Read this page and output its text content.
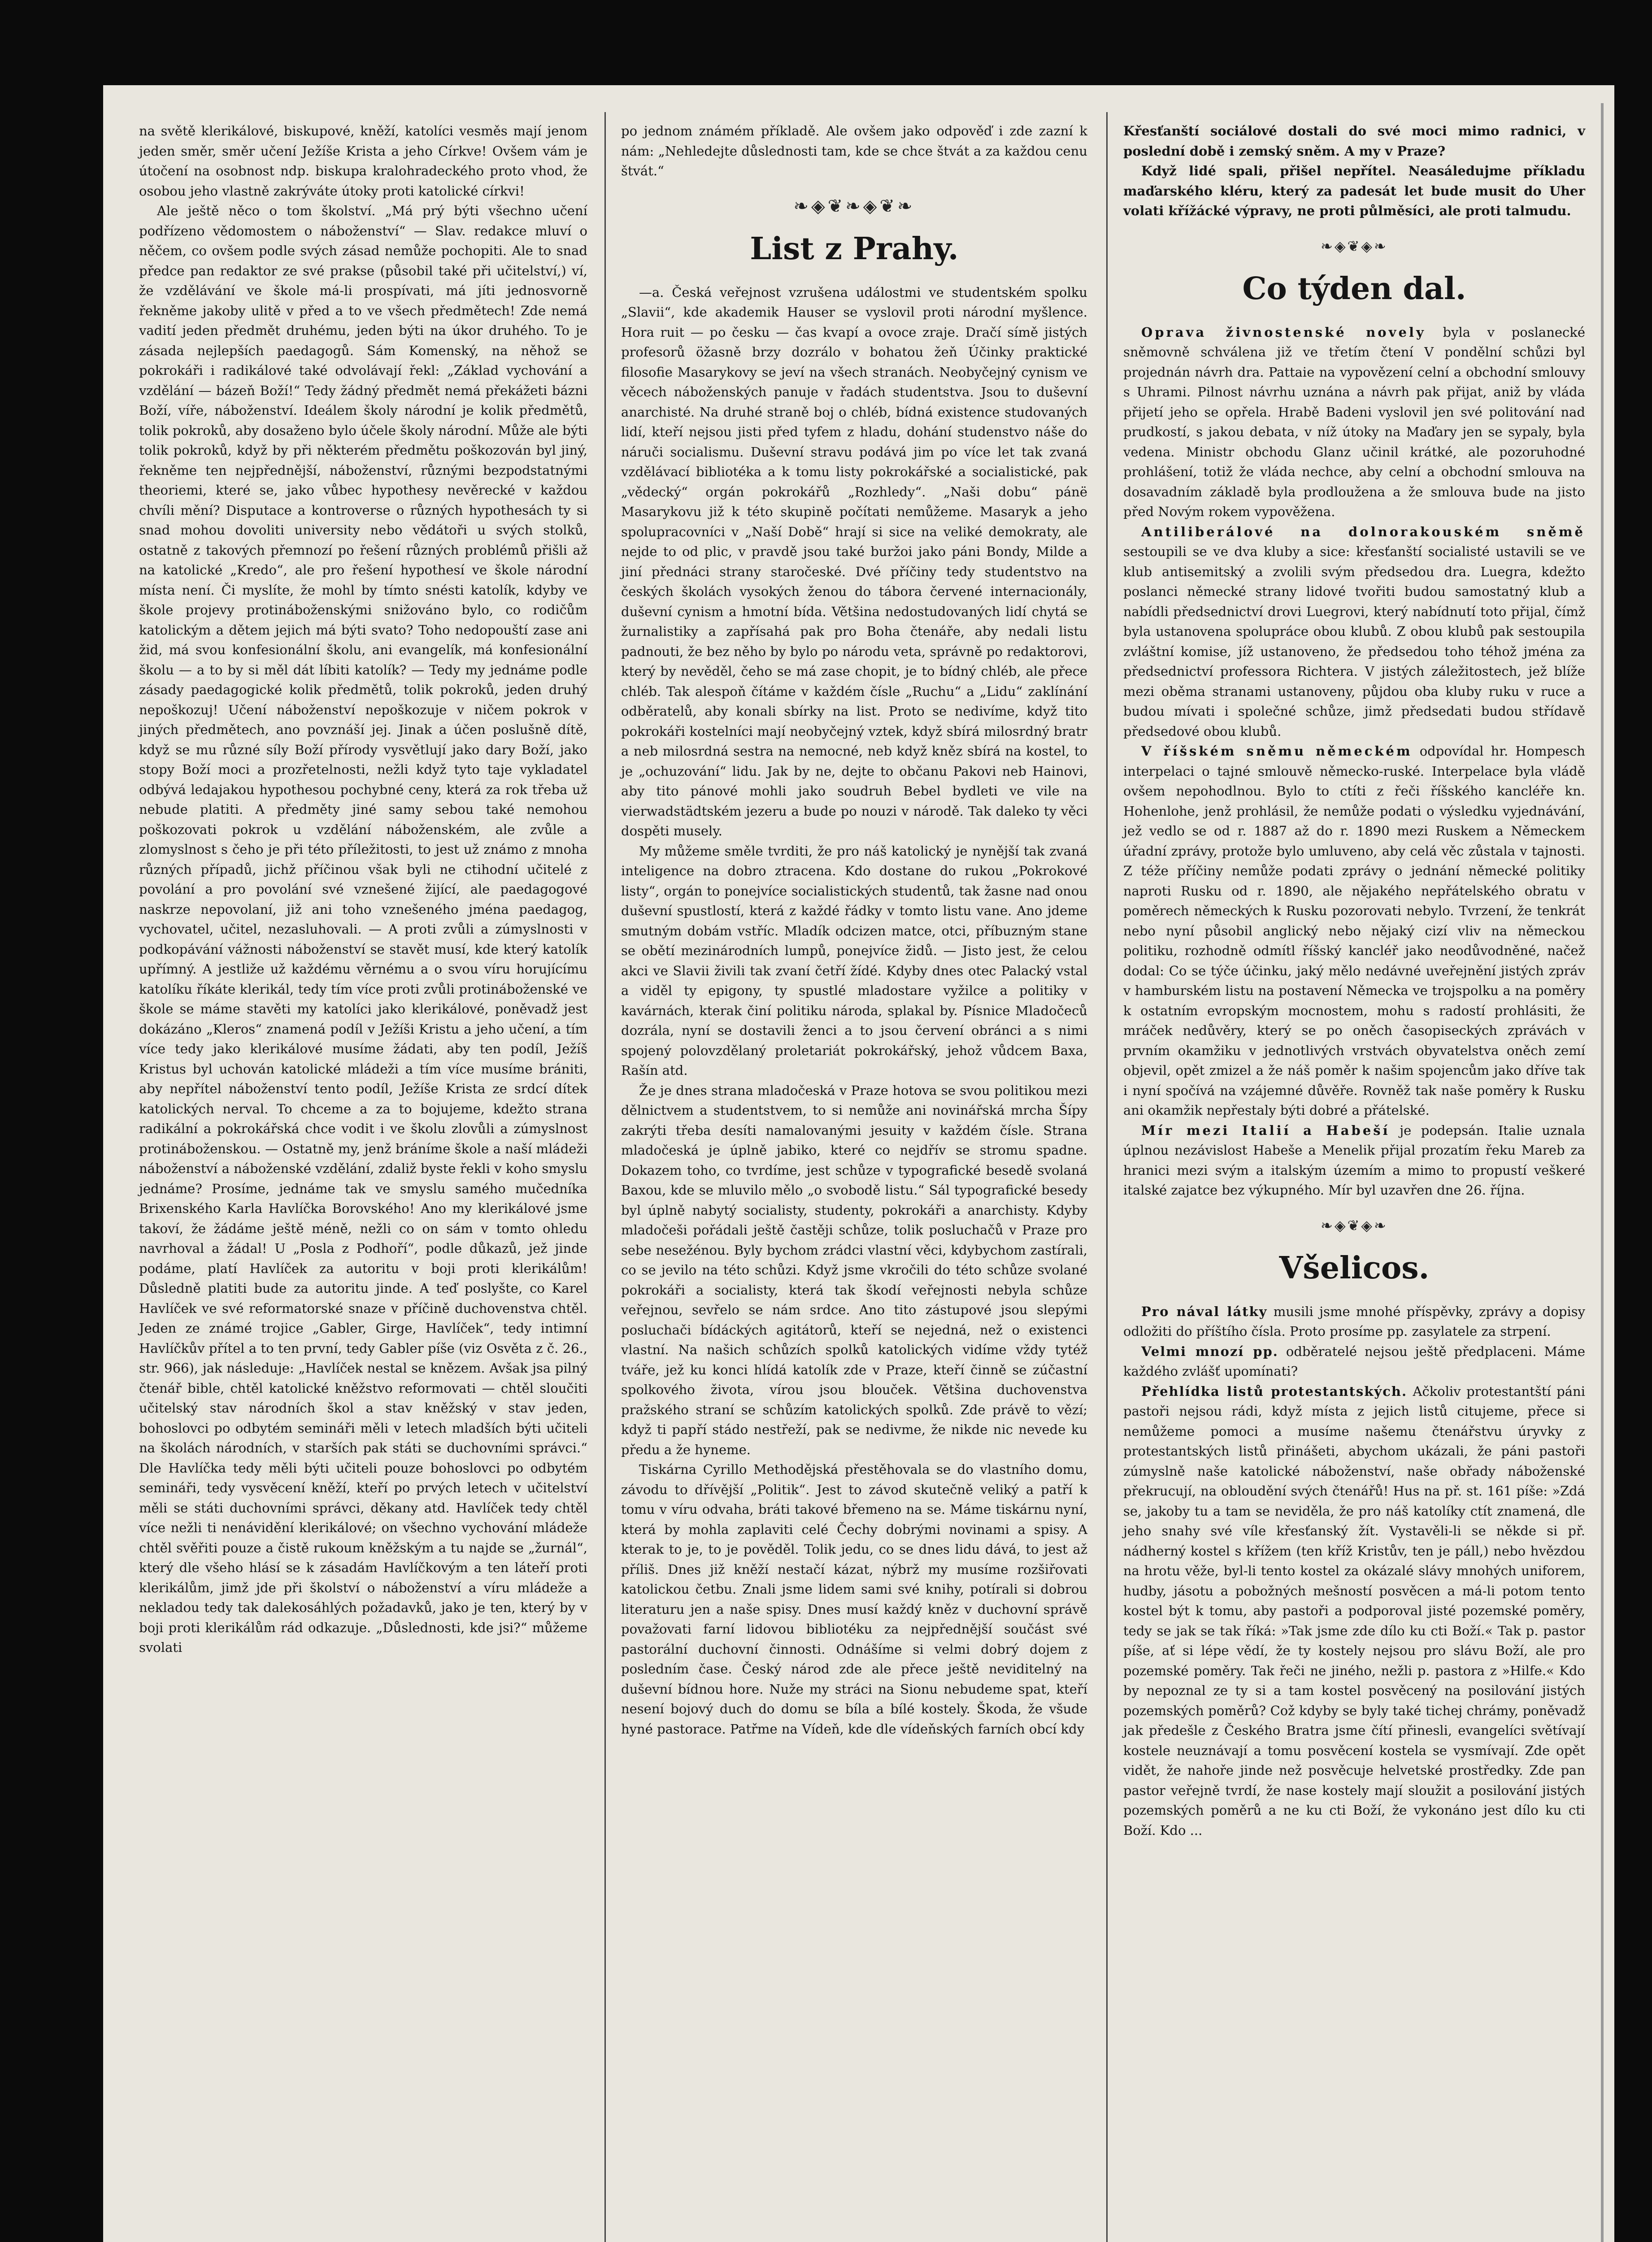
na světě klerikálové, biskupové, kněží, katolíci vesměs mají jenom jeden směr, směr učení Ježíše Krista a jeho Církve! Ovšem vám je útočení na osobnost ndp. biskupa kralohradeckého proto vhod, že osobou jeho vlastně zakrýváte útoky proti katolické církvi!

Ale ještě něco o tom školství. „Má prý býti všechno učení podřízeno vědomostem o náboženství“ — Slav. redakce mluví o něčem, co ovšem podle svých zásad nemůže pochopiti. Ale to snad předce pan redaktor ze své prakse (působil také při učitelství,) ví, že vzdělávání ve škole má-li prospívati, má jíti jednosvorně řekněme jakoby ulitě v před a to ve všech předmětech! Zde nemá vadití jeden předmět druhému, jeden býti na úkor druhého. To je zásada nejlepších paedagogů. Sám Komenský, na něhož se pokrokáři i radikálové také odvolávají řekl: „Základ vychování a vzdělání — bázeň Boží!“ Tedy žádný předmět nemá překážeti bázni Boží, víře, náboženství. Ideálem školy národní je kolik předmětů, tolik pokroků, aby dosaženo bylo účele školy národní. Může ale býti tolik pokroků, když by při některém předmětu poškozován byl jiný, řekněme ten nejpřednější, náboženství, různými bezpodstatnými theoriemi, které se, jako vůbec hypothesy nevěrecké v každou chvíli mění? Disputace a kontroverse o různých hypothesách ty si snad mohou dovoliti university nebo vědátoři u svých stolků, ostatně z takových přemnozí po řešení různých problémů přišli až na katolické „Kredo“, ale pro řešení hypothesí ve škole národní místa není. Či myslíte, že mohl by tímto snésti katolík, kdyby ve škole projevy protináboženskými snižováno bylo, co rodičům katolickým a dětem jejich má býti svato? Toho nedopouští zase ani žid, má svou konfesionální školu, ani evangelík, má konfesionální školu — a to by si měl dát líbiti katolík? — Tedy my jednáme podle zásady paedagogické kolik předmětů, tolik pokroků, jeden druhý nepoškozuj! Učení náboženství nepoškozuje v ničem pokrok v jiných předmětech, ano povznáší jej. Jinak a účen poslušně dítě, když se mu různé síly Boží přírody vysvětlují jako dary Boží, jako stopy Boží moci a prozřetelnosti, nežli když tyto taje vykladatel odbývá ledajakou hypothesou pochybné ceny, která za rok třeba už nebude platiti. A předměty jiné samy sebou také nemohou poškozovati pokrok u vzdělání náboženském, ale zvůle a zlomyslnost s čeho je při této příležitosti, to jest už známo z mnoha různých případů, jichž příčinou však byli ne ctihodní učitelé z povolání a pro povolání své vznešené žijící, ale paedagogové naskrze nepovolaní, již ani toho vznešeného jména paedagog, vychovatel, učitel, nezasluhovali. — A proti zvůli a zúmyslnosti v podkopávání vážnosti náboženství se stavět musí, kde který katolík upřímný. A jestliže už každému věrnému a o svou víru horujícímu katolíku říkáte klerikál, tedy tím více proti zvůli protináboženské ve škole se máme stavěti my katolíci jako klerikálové, poněvadž jest dokázáno „Kleros“ znamená podíl v Ježíši Kristu a jeho učení, a tím více tedy jako klerikálové musíme žádati, aby ten podíl, Ježíš Kristus byl uchován katolické mládeži a tím více musíme brániti, aby nepřítel náboženství tento podíl, Ježíše Krista ze srdcí dítek katolických nerval. To chceme a za to bojujeme, kdežto strana radikální a pokrokářská chce vodit i ve školu zlovůli a zúmyslnost protináboženskou. — Ostatně my, jenž bráníme škole a naší mládeži náboženství a náboženské vzdělání, zdaliž byste řekli v koho smyslu jednáme? Prosíme, jednáme tak ve smyslu samého mučedníka Brixenského Karla Havlíčka Borovského! Ano my klerikálové jsme takoví, že žádáme ještě méně, nežli co on sám v tomto ohledu navrhoval a žádal! U „Posla z Podhoří“, podle důkazů, jež jinde podáme, platí Havlíček za autoritu v boji proti klerikálům! Důsledně platiti bude za autoritu jinde. A teď poslyšte, co Karel Havlíček ve své reformatorské snaze v příčině duchovenstva chtěl. Jeden ze známé trojice „Gabler, Girge, Havlíček“, tedy intimní Havlíčkův přítel a to ten první, tedy Gabler píše (viz Osvěta z č. 26., str. 966), jak následuje: „Havlíček nestal se knězem. Avšak jsa pilný čtenář bible, chtěl katolické kněžstvo reformovati — chtěl sloučiti učitelský stav národních škol a stav kněžský v stav jeden, bohoslovci po odbytém semináři měli v letech mladších býti učiteli na školách národních, v starších pak státi se duchovními správci.“ Dle Havlíčka tedy měli býti učiteli pouze bohoslovci po odbytém semináři, tedy vysvěcení kněží, kteří po prvých letech v učitelství měli se státi duchovními správci, děkany atd. Havlíček tedy chtěl více nežli ti nenávidění klerikálové; on všechno vychování mládeže chtěl svěřiti pouze a čistě rukoum kněžským a tu najde se „žurnál“, který dle všeho hlásí se k zásadám Havlíčkovým a ten láteří proti klerikálům, jimž jde při školství o náboženství a víru mládeže a nekladou tedy tak dalekosáhlých požadavků, jako je ten, který by v boji proti klerikálům rád odkazuje. „Důslednosti, kde jsi?“ můžeme svolati

po jednom známém příkladě. Ale ovšem jako odpověď i zde zazní k nám: „Nehledejte důslednosti tam, kde se chce štvát a za každou cenu štvát.“

❧◈❦❧◈❦❧
List z Prahy.

—a. Česká veřejnost vzrušena událostmi ve studentském spolku „Slavii“, kde akademik Hauser se vyslovil proti národní myšlence. Hora ruit — po česku — čas kvapí a ovoce zraje. Dračí símě jistých profesorů öžasně brzy dozrálo v bohatou žeň Účinky praktické filosofie Masarykovy se jeví na všech stranách. Neobyčejný cynism ve věcech náboženských panuje v řadách studentstva. Jsou to duševní anarchisté. Na druhé straně boj o chléb, bídná existence studovaných lidí, kteří nejsou jisti před tyfem z hladu, dohání studenstvo náše do náruči socialismu. Duševní stravu podává jim po více let tak zvaná vzdělávací bibliotéka a k tomu listy pokrokářské a socialistické, pak „vědecký“ orgán pokrokářů „Rozhledy“. „Naši dobu“ pánë Masarykovu již k této skupině počítati nemůžeme. Masaryk a jeho spolupracovníci v „Naší Době“ hrají si sice na veliké demokraty, ale nejde to od plic, v pravdě jsou také buržoi jako páni Bondy, Milde a jiní přednáci strany staročeské. Dvé příčiny tedy studentstvo na českých školách vysokých ženou do tábora červené internacionály, duševní cynism a hmotní bída. Většina nedostudovaných lidí chytá se žurnalistiky a zapřísahá pak pro Boha čtenáře, aby nedali listu padnouti, že bez něho by bylo po národu veta, správně po redaktorovi, který by nevěděl, čeho se má zase chopit, je to bídný chléb, ale přece chléb. Tak alespoň čítáme v každém čísle „Ruchu“ a „Lidu“ zaklínání odběratelů, aby konali sbírky na list. Proto se nedivíme, když tito pokrokáři kostelníci mají neobyčejný vztek, když sbírá milosrdný bratr a neb milosrdná sestra na nemocné, neb když kněz sbírá na kostel, to je „ochuzování“ lidu. Jak by ne, dejte to občanu Pakovi neb Hainovi, aby tito pánové mohli jako soudruh Bebel bydleti ve vile na vierwadstädtském jezeru a bude po nouzi v národě. Tak daleko ty věci dospěti musely.

My můžeme směle tvrditi, že pro náš katolický je nynější tak zvaná inteligence na dobro ztracena. Kdo dostane do rukou „Pokrokové listy“, orgán to ponejvíce socialistických studentů, tak žasne nad onou duševní spustlostí, která z každé řádky v tomto listu vane. Ano jdeme smutným dobám vstříc. Mladík odcizen matce, otci, příbuzným stane se obětí mezinárodních lumpů, ponejvíce židů. — Jisto jest, že celou akci ve Slavii živili tak zvaní četří žídé. Kdyby dnes otec Palacký vstal a viděl ty epigony, ty spustlé mladostare vyžilce a politiky v kavárnách, kterak činí politiku národa, splakal by. Písnice Mladočeců dozrála, nyní se dostavili ženci a to jsou červení obránci a s nimi spojený polovzdělaný proletariát pokrokářský, jehož vůdcem Baxa, Rašín atd.

Že je dnes strana mladočeská v Praze hotova se svou politikou mezi dělnictvem a studentstvem, to si nemůže ani novinářská mrcha Šípy zakrýti třeba desíti namalovanými jesuity v každém čísle. Strana mladočeská je úplně jabiko, které co nejdřív se stromu spadne. Dokazem toho, co tvrdíme, jest schůze v typografické besedě svolaná Baxou, kde se mluvilo mělo „o svobodě listu.“ Sál typografické besedy byl úplně nabytý socialisty, studenty, pokrokáři a anarchisty. Kdyby mladočeši pořádali ještě častěji schůze, tolik posluchačů v Praze pro sebe nesežénou. Byly bychom zrádci vlastní věci, kdybychom zastírali, co se jevilo na této schůzi. Když jsme vkročili do této schůze svolané pokrokáři a socialisty, která tak škodí veřejnosti nebyla schůze veřejnou, sevřelo se nám srdce. Ano tito zástupové jsou slepými posluchači bídáckých agitátorů, kteří se nejedná, než o existenci vlastní. Na našich schůzích spolků katolických vidíme vždy tytéž tváře, jež ku konci hlídá katolík zde v Praze, kteří činně se zúčastní spolkového života, vírou jsou blouček. Většina duchovenstva pražského straní se schůzím katolických spolků. Zde právě to vězí; když ti papří stádo nestřeží, pak se nedivme, že nikde nic nevede ku předu a že hyneme.

Tiskárna Cyrillo Methodějská přestěhovala se do vlastního domu, závodu to dřívější „Politik“. Jest to závod skutečně veliký a patří k tomu v víru odvaha, bráti takové břemeno na se. Máme tiskárnu nyní, která by mohla zaplaviti celé Čechy dobrými novinami a spisy. A kterak to je, to je pověděl. Tolik jedu, co se dnes lidu dává, to jest až příliš. Dnes již kněží nestačí kázat, nýbrž my musíme rozšiřovati katolickou četbu. Znali jsme lidem sami své knihy, potírali si dobrou literaturu jen a naše spisy. Dnes musí každý kněz v duchovní správě považovati farní lidovou bibliotéku za nejpřednější součást své pastorální duchovní činnosti. Odnášíme si velmi dobrý dojem z posledním čase. Český národ zde ale přece ještě neviditelný na duševní bídnou hore. Nuže my stráci na Sionu nebudeme spat, kteří nesení bojový duch do domu se bíla a bílé kostely. Škoda, že všude hyné pastorace. Patřme na Vídeň, kde dle vídeňských farních obcí kdy

Křesťanští sociálové dostali do své moci mimo radnici, v poslední době i zemský sněm. A my v Praze?

Když lidé spali, přišel nepřítel. Neasáledujme příkladu maďarského kléru, který za padesát let bude musit do Uher volati křížácké výpravy, ne proti půlměsíci, ale proti talmudu.

❧◈❦◈❧
Co týden dal.

Oprava živnostenské novely byla v poslanecké sněmovně schválena již ve třetím čtení V pondělní schůzi byl projednán návrh dra. Pattaie na vypovězení celní a obchodní smlouvy s Uhrami. Pilnost návrhu uznána a návrh pak přijat, aniž by vláda přijetí jeho se opřela. Hrabě Badeni vyslovil jen své politování nad prudkostí, s jakou debata, v níž útoky na Maďary jen se sypaly, byla vedena. Ministr obchodu Glanz učinil krátké, ale pozoruhodné prohlášení, totiž že vláda nechce, aby celní a obchodní smlouva na dosavadním základě byla prodloužena a že smlouva bude na jisto před Novým rokem vypověžena.

Antiliberálové na dolnorakouském sněmě sestoupili se ve dva kluby a sice: křesťanští socialisté ustavili se ve klub antisemitský a zvolili svým předsedou dra. Luegra, kdežto poslanci německé strany lidové tvořiti budou samostatný klub a nabídli předsednictví drovi Luegrovi, který nabídnutí toto přijal, čímž byla ustanovena spolupráce obou klubů. Z obou klubů pak sestoupila zvláštní komise, jíž ustanoveno, že předsedou toho téhož jména za předsednictví professora Richtera. V jistých záležitostech, jež blíže mezi oběma stranami ustanoveny, půjdou oba kluby ruku v ruce a budou mívati i společné schůze, jimž předsedati budou střídavě předsedové obou klubů.

V říšském sněmu německém odpovídal hr. Hompesch interpelaci o tajné smlouvě německo-ruské. Interpelace byla vládě ovšem nepohodlnou. Bylo to ctíti z řeči říšského kancléře kn. Hohenlohe, jenž prohlásil, že nemůže podati o výsledku vyjednávání, jež vedlo se od r. 1887 až do r. 1890 mezi Ruskem a Německem úřadní zprávy, protože bylo umluveno, aby celá věc zůstala v tajnosti. Z téže příčiny nemůže podati zprávy o jednání německé politiky naproti Rusku od r. 1890, ale nějakého nepřátelského obratu v poměrech německých k Rusku pozorovati nebylo. Tvrzení, že tenkrát nebo nyní působil anglický nebo nějaký cizí vliv na německou politiku, rozhodně odmítl říšský kancléř jako neodůvodněné, načež dodal: Co se týče účinku, jaký mělo nedávné uveřejnění jistých zpráv v hamburském listu na postavení Německa ve trojspolku a na poměry k ostatním evropským mocnostem, mohu s radostí prohlásiti, že mráček nedůvěry, který se po oněch časopiseckých zprávách v prvním okamžiku v jednotlivých vrstvách obyvatelstva oněch zemí objevil, opět zmizel a že náš poměr k našim spojencům jako dříve tak i nyní spočívá na vzájemné důvěře. Rovněž tak naše poměry k Rusku ani okamžik nepřestaly býti dobré a přátelské.

Mír mezi Italií a Habeší je podepsán. Italie uznala úplnou nezávislost Habeše a Menelik přijal prozatím řeku Mareb za hranici mezi svým a italským územím a mimo to propustí veškeré italské zajatce bez výkupného. Mír byl uzavřen dne 26. října.

❧◈❦◈❧
Všelicos.

Pro nával látky musili jsme mnohé příspěvky, zprávy a dopisy odložiti do příštího čísla. Proto prosíme pp. zasylatele za strpení.

Velmi mnozí pp. odběratelé nejsou ještě předplaceni. Máme každého zvlášť upomínati?

Přehlídka listů protestantských. Ačkoliv protestantští páni pastoři nejsou rádi, když místa z jejich listů citujeme, přece si nemůžeme pomoci a musíme našemu čtenářstvu úryvky z protestantských listů přinášeti, abychom ukázali, že páni pastoři zúmyslně naše katolické náboženství, naše obřady náboženské překrucují, na obloudění svých čtenářů! Hus na př. st. 161 píše: »Zdá se, jakoby tu a tam se neviděla, že pro náš katolíky ctít znamená, dle jeho snahy své víle křesťanský žít. Vystavěli-li se někde si př. nádherný kostel s křížem (ten kříž Kristův, ten je páll,) nebo hvězdou na hrotu věže, byl-li tento kostel za okázalé slávy mnohých uniforem, hudby, jásotu a pobožných mešností posvěcen a má-li potom tento kostel být k tomu, aby pastoři a podporoval jisté pozemské poměry, tedy se jak se tak říká: »Tak jsme zde dílo ku cti Boží.« Tak p. pastor píše, ať si lépe vědí, že ty kostely nejsou pro slávu Boží, ale pro pozemské poměry. Tak řeči ne jiného, nežli p. pastora z »Hilfe.« Kdo by nepoznal ze ty si a tam kostel posvěcený na posilování jistých pozemských poměrů? Což kdyby se byly také tichej chrámy, poněvadž jak předešle z Českého Bratra jsme čítí přinesli, evangelíci světívají kostele neuznávají a tomu posvěcení kostela se vysmívají. Zde opět vidět, že nahoře jinde než posvěcuje helvetské prostředky. Zde pan pastor veřejně tvrdí, že nase kostely mají sloužit a posilování jistých pozemských poměrů a ne ku cti Boží, že vykonáno jest dílo ku cti Boží. Kdo ...
